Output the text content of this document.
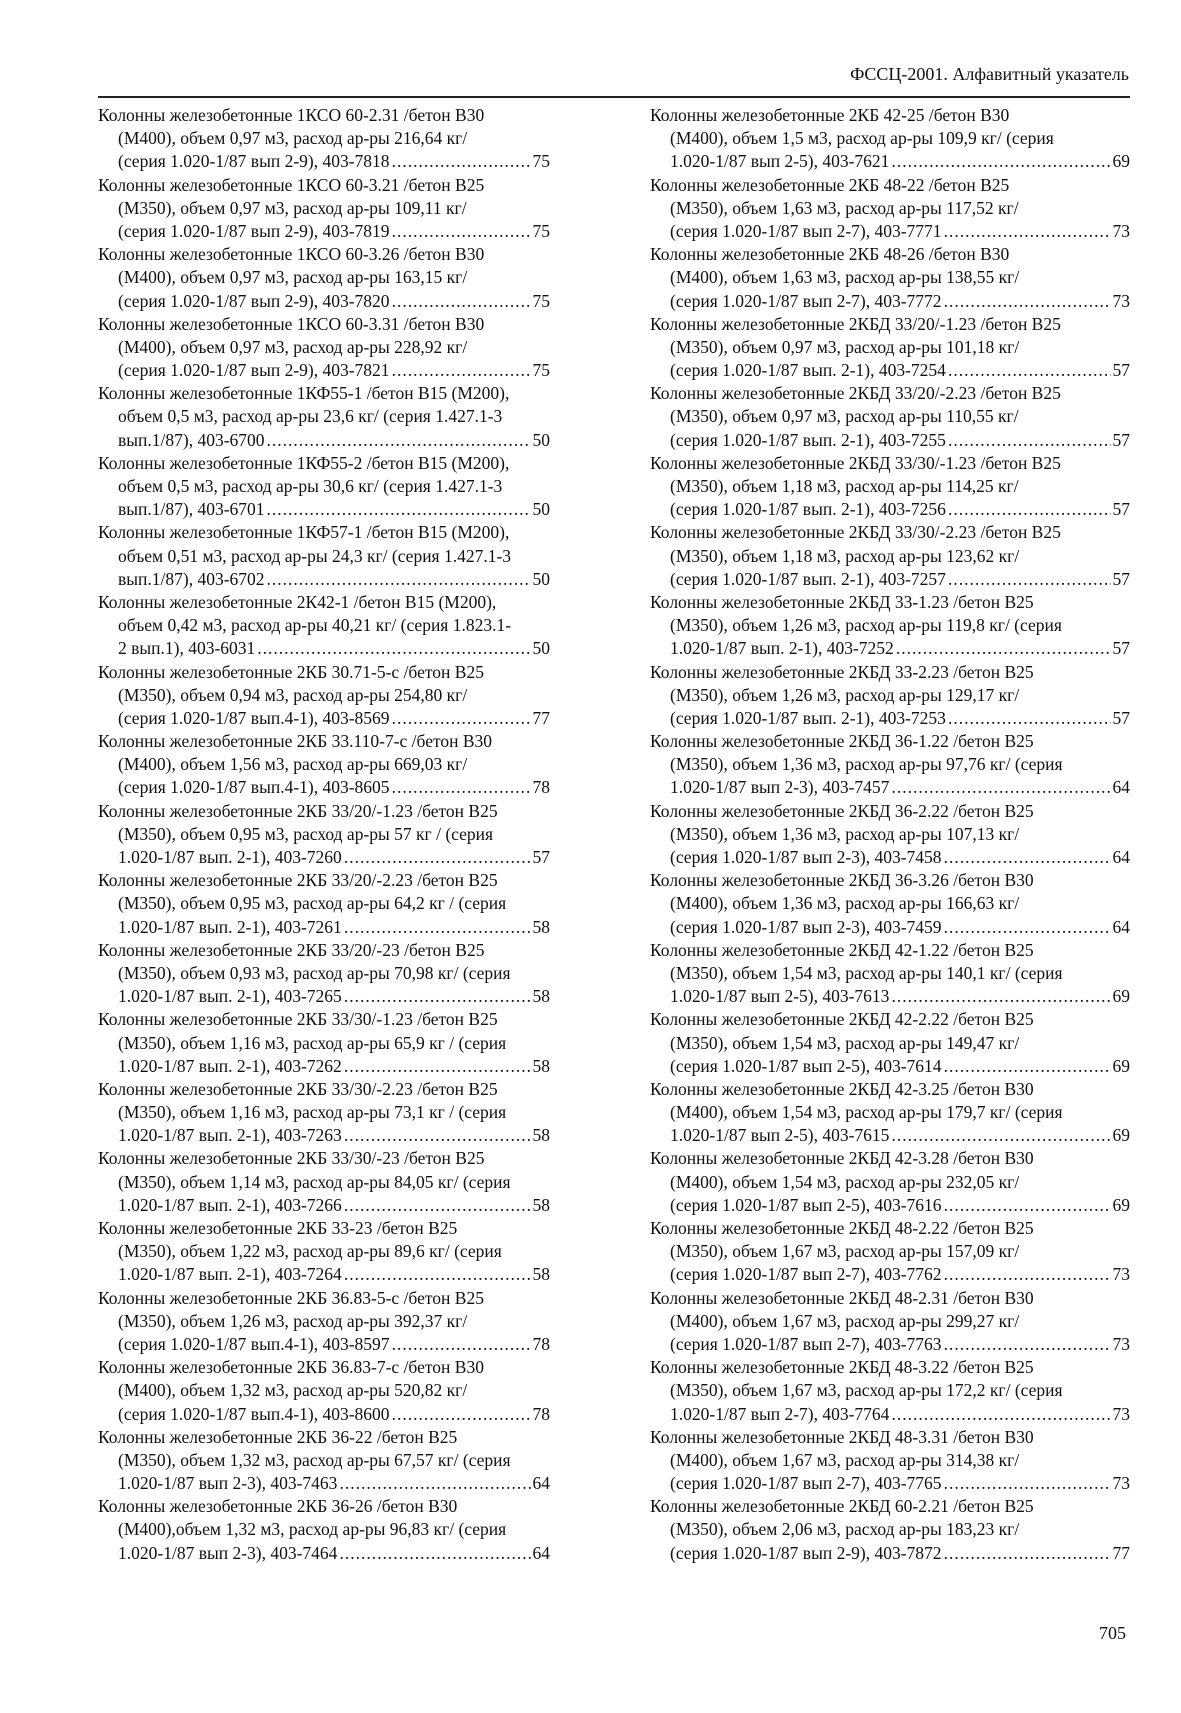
ФССЦ-2001. Алфавитный указатель
Колонны железобетонные 1КСО 60-2.31 /бетон В30
(М400), объем 0,97 м3, расход ар-ры 216,64 кг/
(серия 1.020-1/87 вып 2-9), 403-7818 .....	75
Колонны железобетонные 1КСО 60-3.21 /бетон В25
(М350), объем 0,97 м3, расход ар-ры 109,11 кг/
(серия 1.020-1/87 вып 2-9), 403-7819 .....	75
Колонны железобетонные 1КСО 60-3.26 /бетон В30
(М400), объем 0,97 м3, расход ар-ры 163,15 кг/
(серия 1.020-1/87 вып 2-9), 403-7820 .....	75
Колонны железобетонные 1КСО 60-3.31 /бетон В30
(М400), объем 0,97 м3, расход ар-ры 228,92 кг/
(серия 1.020-1/87 вып 2-9), 403-7821 .....	75
Колонны железобетонные 1КФ55-1 /бетон В15 (М200),
объем 0,5 м3, расход ар-ры 23,6 кг/ (серия 1.427.1-3
вып.1/87), 403-6700 .....	50
Колонны железобетонные 1КФ55-2 /бетон В15 (М200),
объем 0,5 м3, расход ар-ры 30,6 кг/ (серия 1.427.1-3
вып.1/87), 403-6701 .....	50
Колонны железобетонные 1КФ57-1 /бетон В15 (М200),
объем 0,51 м3, расход ар-ры 24,3 кг/ (серия 1.427.1-3
вып.1/87), 403-6702 .....	50
Колонны железобетонные 2К42-1 /бетон В15 (М200),
объем 0,42 м3, расход ар-ры 40,21 кг/ (серия 1.823.1-
2 вып.1), 403-6031 .....	50
Колонны железобетонные 2КБ 30.71-5-с /бетон В25
(М350), объем 0,94 м3, расход ар-ры 254,80 кг/
(серия 1.020-1/87 вып.4-1), 403-8569 .....	77
Колонны железобетонные 2КБ 33.110-7-с /бетон В30
(М400), объем 1,56 м3, расход ар-ры 669,03 кг/
(серия 1.020-1/87 вып.4-1), 403-8605 .....	78
Колонны железобетонные 2КБ 33/20/-1.23 /бетон В25
(М350), объем 0,95 м3, расход ар-ры 57 кг / (серия
1.020-1/87 вып. 2-1), 403-7260 .....	57
Колонны железобетонные 2КБ 33/20/-2.23 /бетон В25
(М350), объем 0,95 м3, расход ар-ры 64,2 кг / (серия
1.020-1/87 вып. 2-1), 403-7261 .....	58
Колонны железобетонные 2КБ 33/20/-23 /бетон В25
(М350), объем 0,93 м3, расход ар-ры 70,98 кг/ (серия
1.020-1/87 вып. 2-1), 403-7265 .....	58
Колонны железобетонные 2КБ 33/30/-1.23 /бетон В25
(М350), объем 1,16 м3, расход ар-ры 65,9 кг / (серия
1.020-1/87 вып. 2-1), 403-7262 .....	58
Колонны железобетонные 2КБ 33/30/-2.23 /бетон В25
(М350), объем 1,16 м3, расход ар-ры 73,1 кг / (серия
1.020-1/87 вып. 2-1), 403-7263 .....	58
Колонны железобетонные 2КБ 33/30/-23 /бетон В25
(М350), объем 1,14 м3, расход ар-ры 84,05 кг/ (серия
1.020-1/87 вып. 2-1), 403-7266 .....	58
Колонны железобетонные 2КБ 33-23 /бетон В25
(М350), объем 1,22 м3, расход ар-ры 89,6 кг/ (серия
1.020-1/87 вып. 2-1), 403-7264 .....	58
Колонны железобетонные 2КБ 36.83-5-с /бетон В25
(М350), объем 1,26 м3, расход ар-ры 392,37 кг/
(серия 1.020-1/87 вып.4-1), 403-8597 .....	78
Колонны железобетонные 2КБ 36.83-7-с /бетон В30
(М400), объем 1,32 м3, расход ар-ры 520,82 кг/
(серия 1.020-1/87 вып.4-1), 403-8600 .....	78
Колонны железобетонные 2КБ 36-22 /бетон В25
(М350), объем 1,32 м3, расход ар-ры 67,57 кг/ (серия
1.020-1/87 вып 2-3), 403-7463 .....	64
Колонны железобетонные 2КБ 36-26 /бетон В30
(М400),объем 1,32 м3, расход ар-ры 96,83 кг/ (серия
1.020-1/87 вып 2-3), 403-7464 .....	64
Колонны железобетонные 2КБ 42-25 /бетон В30
(М400), объем 1,5 м3, расход ар-ры 109,9 кг/ (серия
1.020-1/87 вып 2-5), 403-7621 .....	69
Колонны железобетонные 2КБ 48-22 /бетон В25
(М350), объем 1,63 м3, расход ар-ры 117,52 кг/
(серия 1.020-1/87 вып 2-7), 403-7771 .....	73
Колонны железобетонные 2КБ 48-26 /бетон В30
(М400), объем 1,63 м3, расход ар-ры 138,55 кг/
(серия 1.020-1/87 вып 2-7), 403-7772 .....	73
Колонны железобетонные 2КБД 33/20/-1.23 /бетон В25
(М350), объем 0,97 м3, расход ар-ры 101,18 кг/
(серия 1.020-1/87 вып. 2-1), 403-7254 .....	57
Колонны железобетонные 2КБД 33/20/-2.23 /бетон В25
(М350), объем 0,97 м3, расход ар-ры 110,55 кг/
(серия 1.020-1/87 вып. 2-1), 403-7255 .....	57
Колонны железобетонные 2КБД 33/30/-1.23 /бетон В25
(М350), объем 1,18 м3, расход ар-ры 114,25 кг/
(серия 1.020-1/87 вып. 2-1), 403-7256 .....	57
Колонны железобетонные 2КБД 33/30/-2.23 /бетон В25
(М350), объем 1,18 м3, расход ар-ры 123,62 кг/
(серия 1.020-1/87 вып. 2-1), 403-7257 .....	57
Колонны железобетонные 2КБД 33-1.23 /бетон В25
(М350), объем 1,26 м3, расход ар-ры 119,8 кг/ (серия
1.020-1/87 вып. 2-1), 403-7252 .....	57
Колонны железобетонные 2КБД 33-2.23 /бетон В25
(М350), объем 1,26 м3, расход ар-ры 129,17 кг/
(серия 1.020-1/87 вып. 2-1), 403-7253 .....	57
Колонны железобетонные 2КБД 36-1.22 /бетон В25
(М350), объем 1,36 м3, расход ар-ры 97,76 кг/ (серия
1.020-1/87 вып 2-3), 403-7457 .....	64
Колонны железобетонные 2КБД 36-2.22 /бетон В25
(М350), объем 1,36 м3, расход ар-ры 107,13 кг/
(серия 1.020-1/87 вып 2-3), 403-7458 .....	64
Колонны железобетонные 2КБД 36-3.26 /бетон В30
(М400), объем 1,36 м3, расход ар-ры 166,63 кг/
(серия 1.020-1/87 вып 2-3), 403-7459 .....	64
Колонны железобетонные 2КБД 42-1.22 /бетон В25
(М350), объем 1,54 м3, расход ар-ры 140,1 кг/ (серия
1.020-1/87 вып 2-5), 403-7613 .....	69
Колонны железобетонные 2КБД 42-2.22 /бетон В25
(М350), объем 1,54 м3, расход ар-ры 149,47 кг/
(серия 1.020-1/87 вып 2-5), 403-7614 .....	69
Колонны железобетонные 2КБД 42-3.25 /бетон В30
(М400), объем 1,54 м3, расход ар-ры 179,7 кг/ (серия
1.020-1/87 вып 2-5), 403-7615 .....	69
Колонны железобетонные 2КБД 42-3.28 /бетон В30
(М400), объем 1,54 м3, расход ар-ры 232,05 кг/
(серия 1.020-1/87 вып 2-5), 403-7616 .....	69
Колонны железобетонные 2КБД 48-2.22 /бетон В25
(М350), объем 1,67 м3, расход ар-ры 157,09 кг/
(серия 1.020-1/87 вып 2-7), 403-7762 .....	73
Колонны железобетонные 2КБД 48-2.31 /бетон В30
(М400), объем 1,67 м3, расход ар-ры 299,27 кг/
(серия 1.020-1/87 вып 2-7), 403-7763 .....	73
Колонны железобетонные 2КБД 48-3.22 /бетон В25
(М350), объем 1,67 м3, расход ар-ры 172,2 кг/ (серия
1.020-1/87 вып 2-7), 403-7764 .....	73
Колонны железобетонные 2КБД 48-3.31 /бетон В30
(М400), объем 1,67 м3, расход ар-ры 314,38 кг/
(серия 1.020-1/87 вып 2-7), 403-7765 .....	73
Колонны железобетонные 2КБД 60-2.21 /бетон В25
(М350), объем 2,06 м3, расход ар-ры 183,23 кг/
(серия 1.020-1/87 вып 2-9), 403-7872 .....	77
705
